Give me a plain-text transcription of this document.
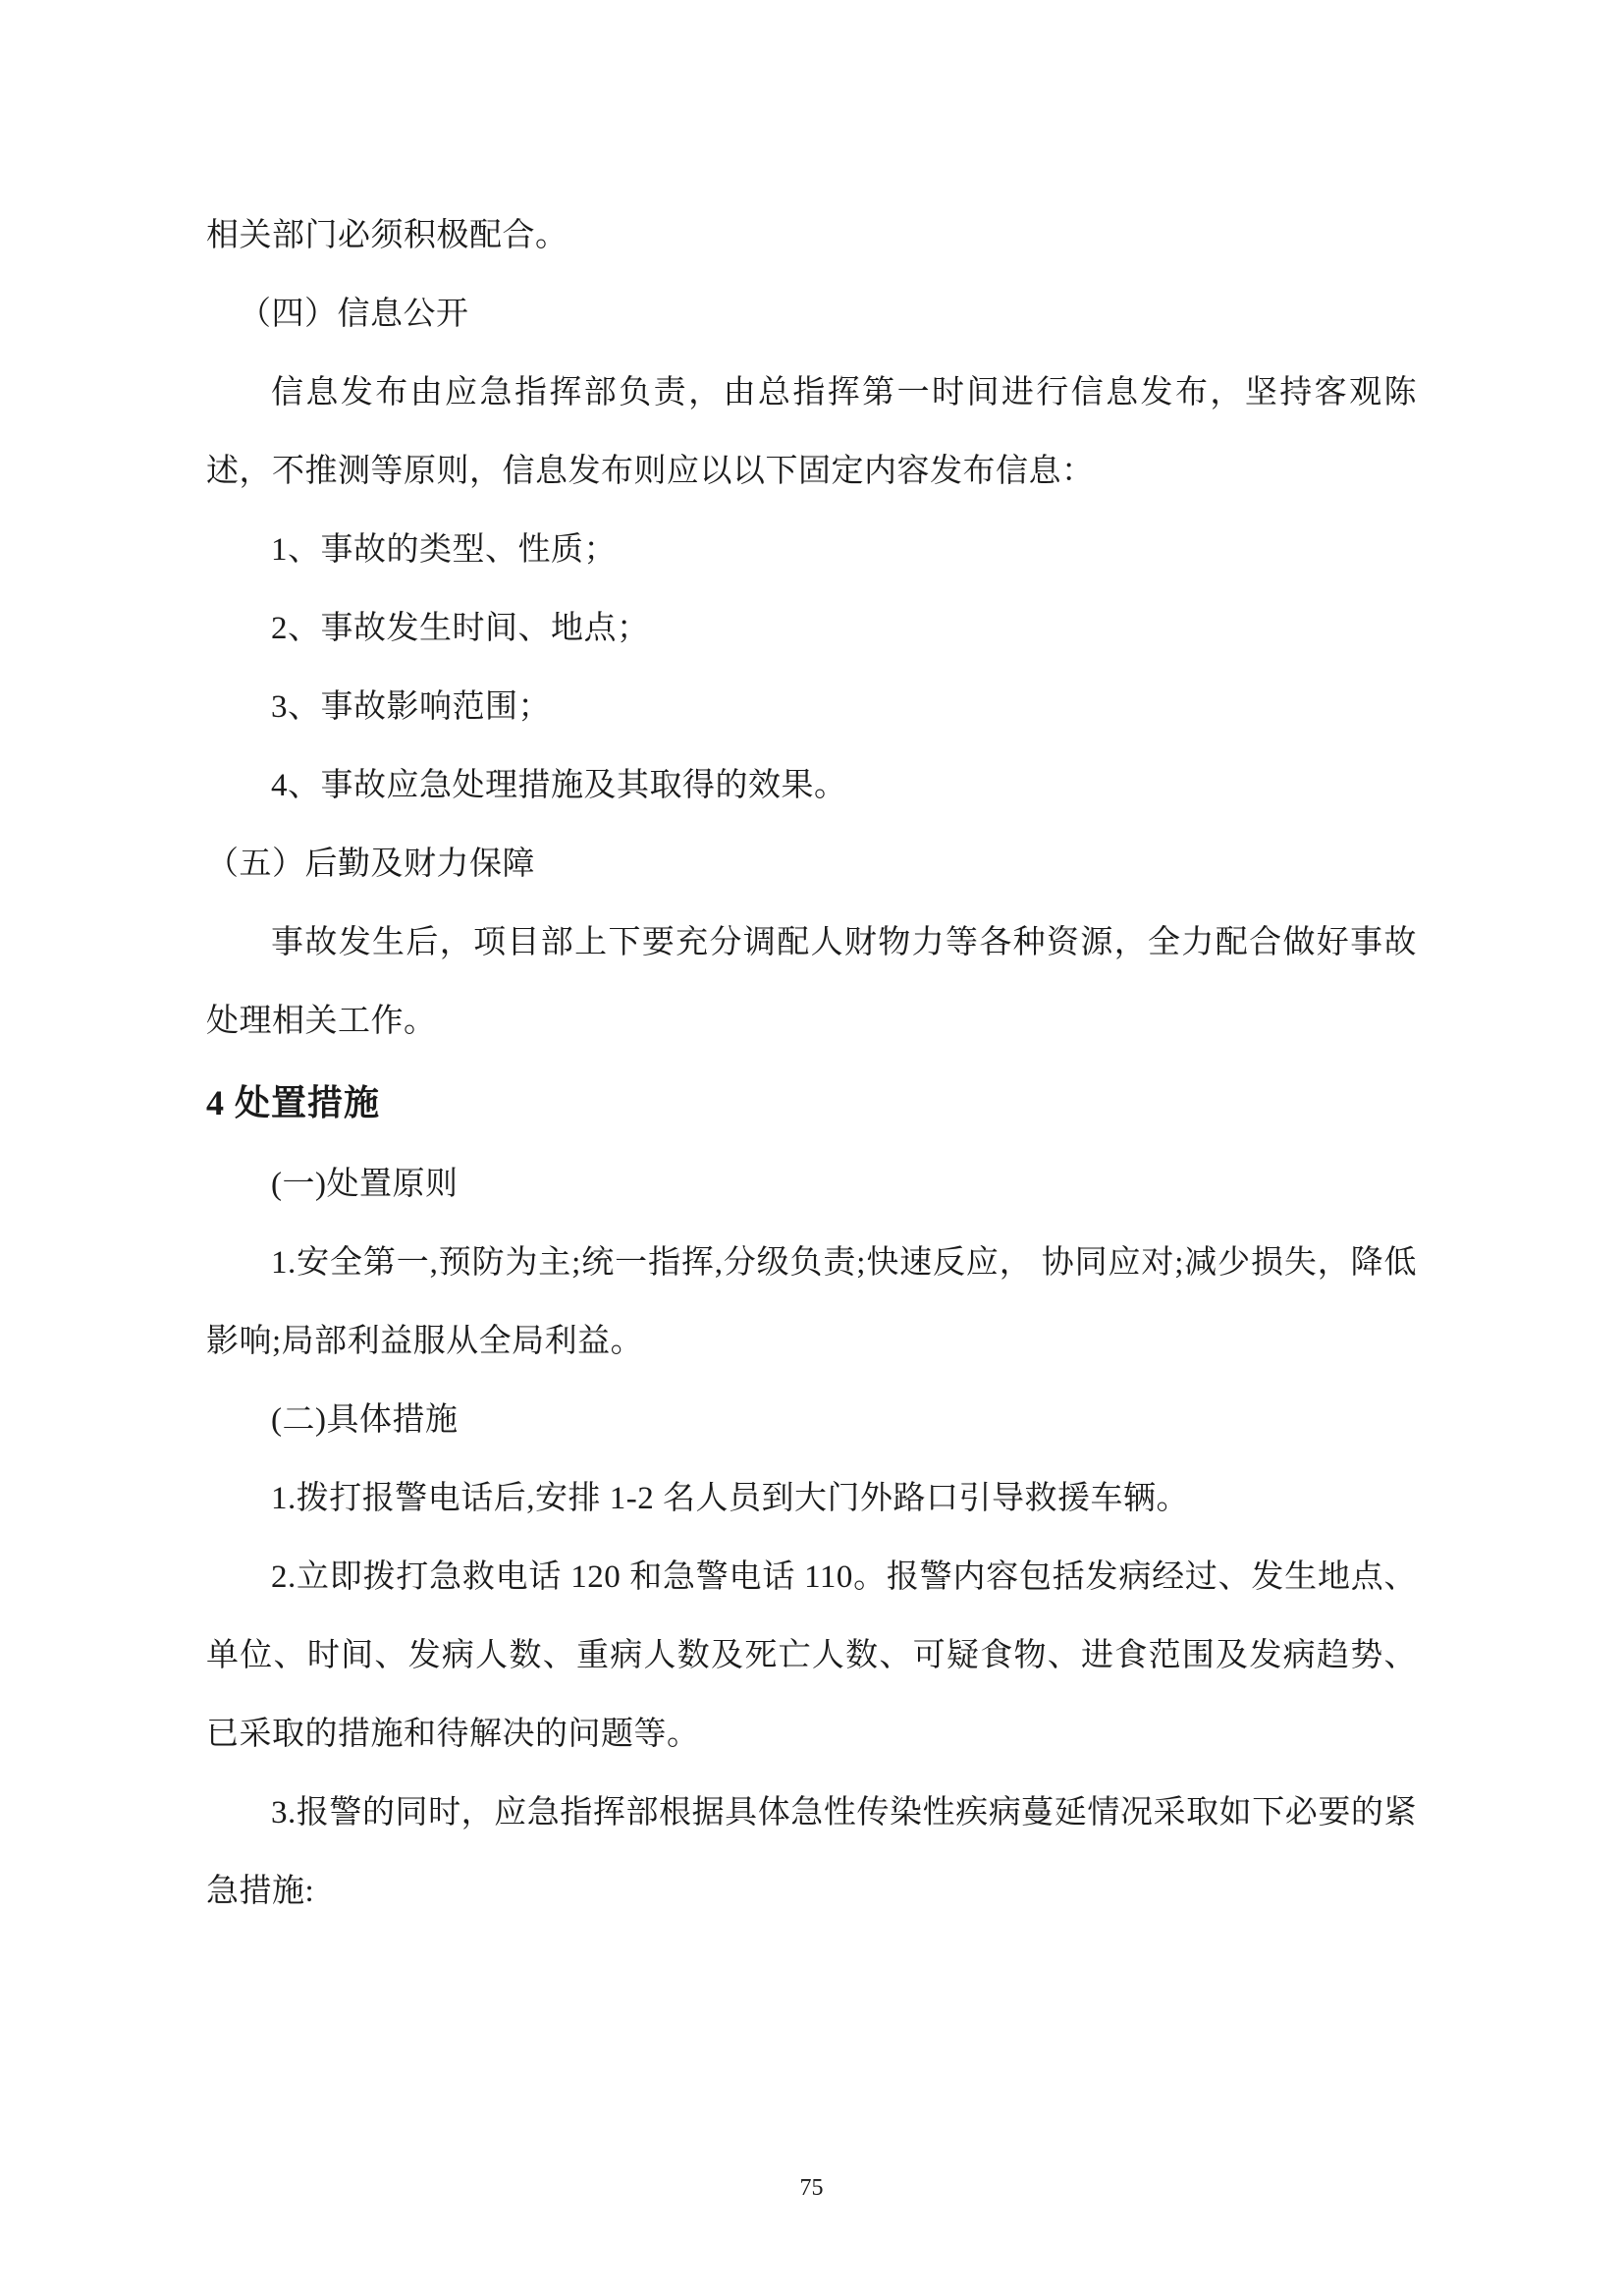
相关部门必须积极配合。

（四）信息公开

信息发布由应急指挥部负责，由总指挥第一时间进行信息发布，坚持客观陈述，不推测等原则，信息发布则应以以下固定内容发布信息：

1、事故的类型、性质；

2、事故发生时间、地点；

3、事故影响范围；

4、事故应急处理措施及其取得的效果。

（五）后勤及财力保障

事故发生后，项目部上下要充分调配人财物力等各种资源，全力配合做好事故处理相关工作。

4 处置措施

(一)处置原则

1.安全第一,预防为主;统一指挥,分级负责;快速反应， 协同应对;减少损失，降低影响;局部利益服从全局利益。

(二)具体措施

1.拨打报警电话后,安排 1-2 名人员到大门外路口引导救援车辆。

2.立即拨打急救电话 120 和急警电话 110。报警内容包括发病经过、发生地点、单位、时间、发病人数、重病人数及死亡人数、可疑食物、进食范围及发病趋势、已采取的措施和待解决的问题等。

3.报警的同时，应急指挥部根据具体急性传染性疾病蔓延情况采取如下必要的紧急措施:

75
